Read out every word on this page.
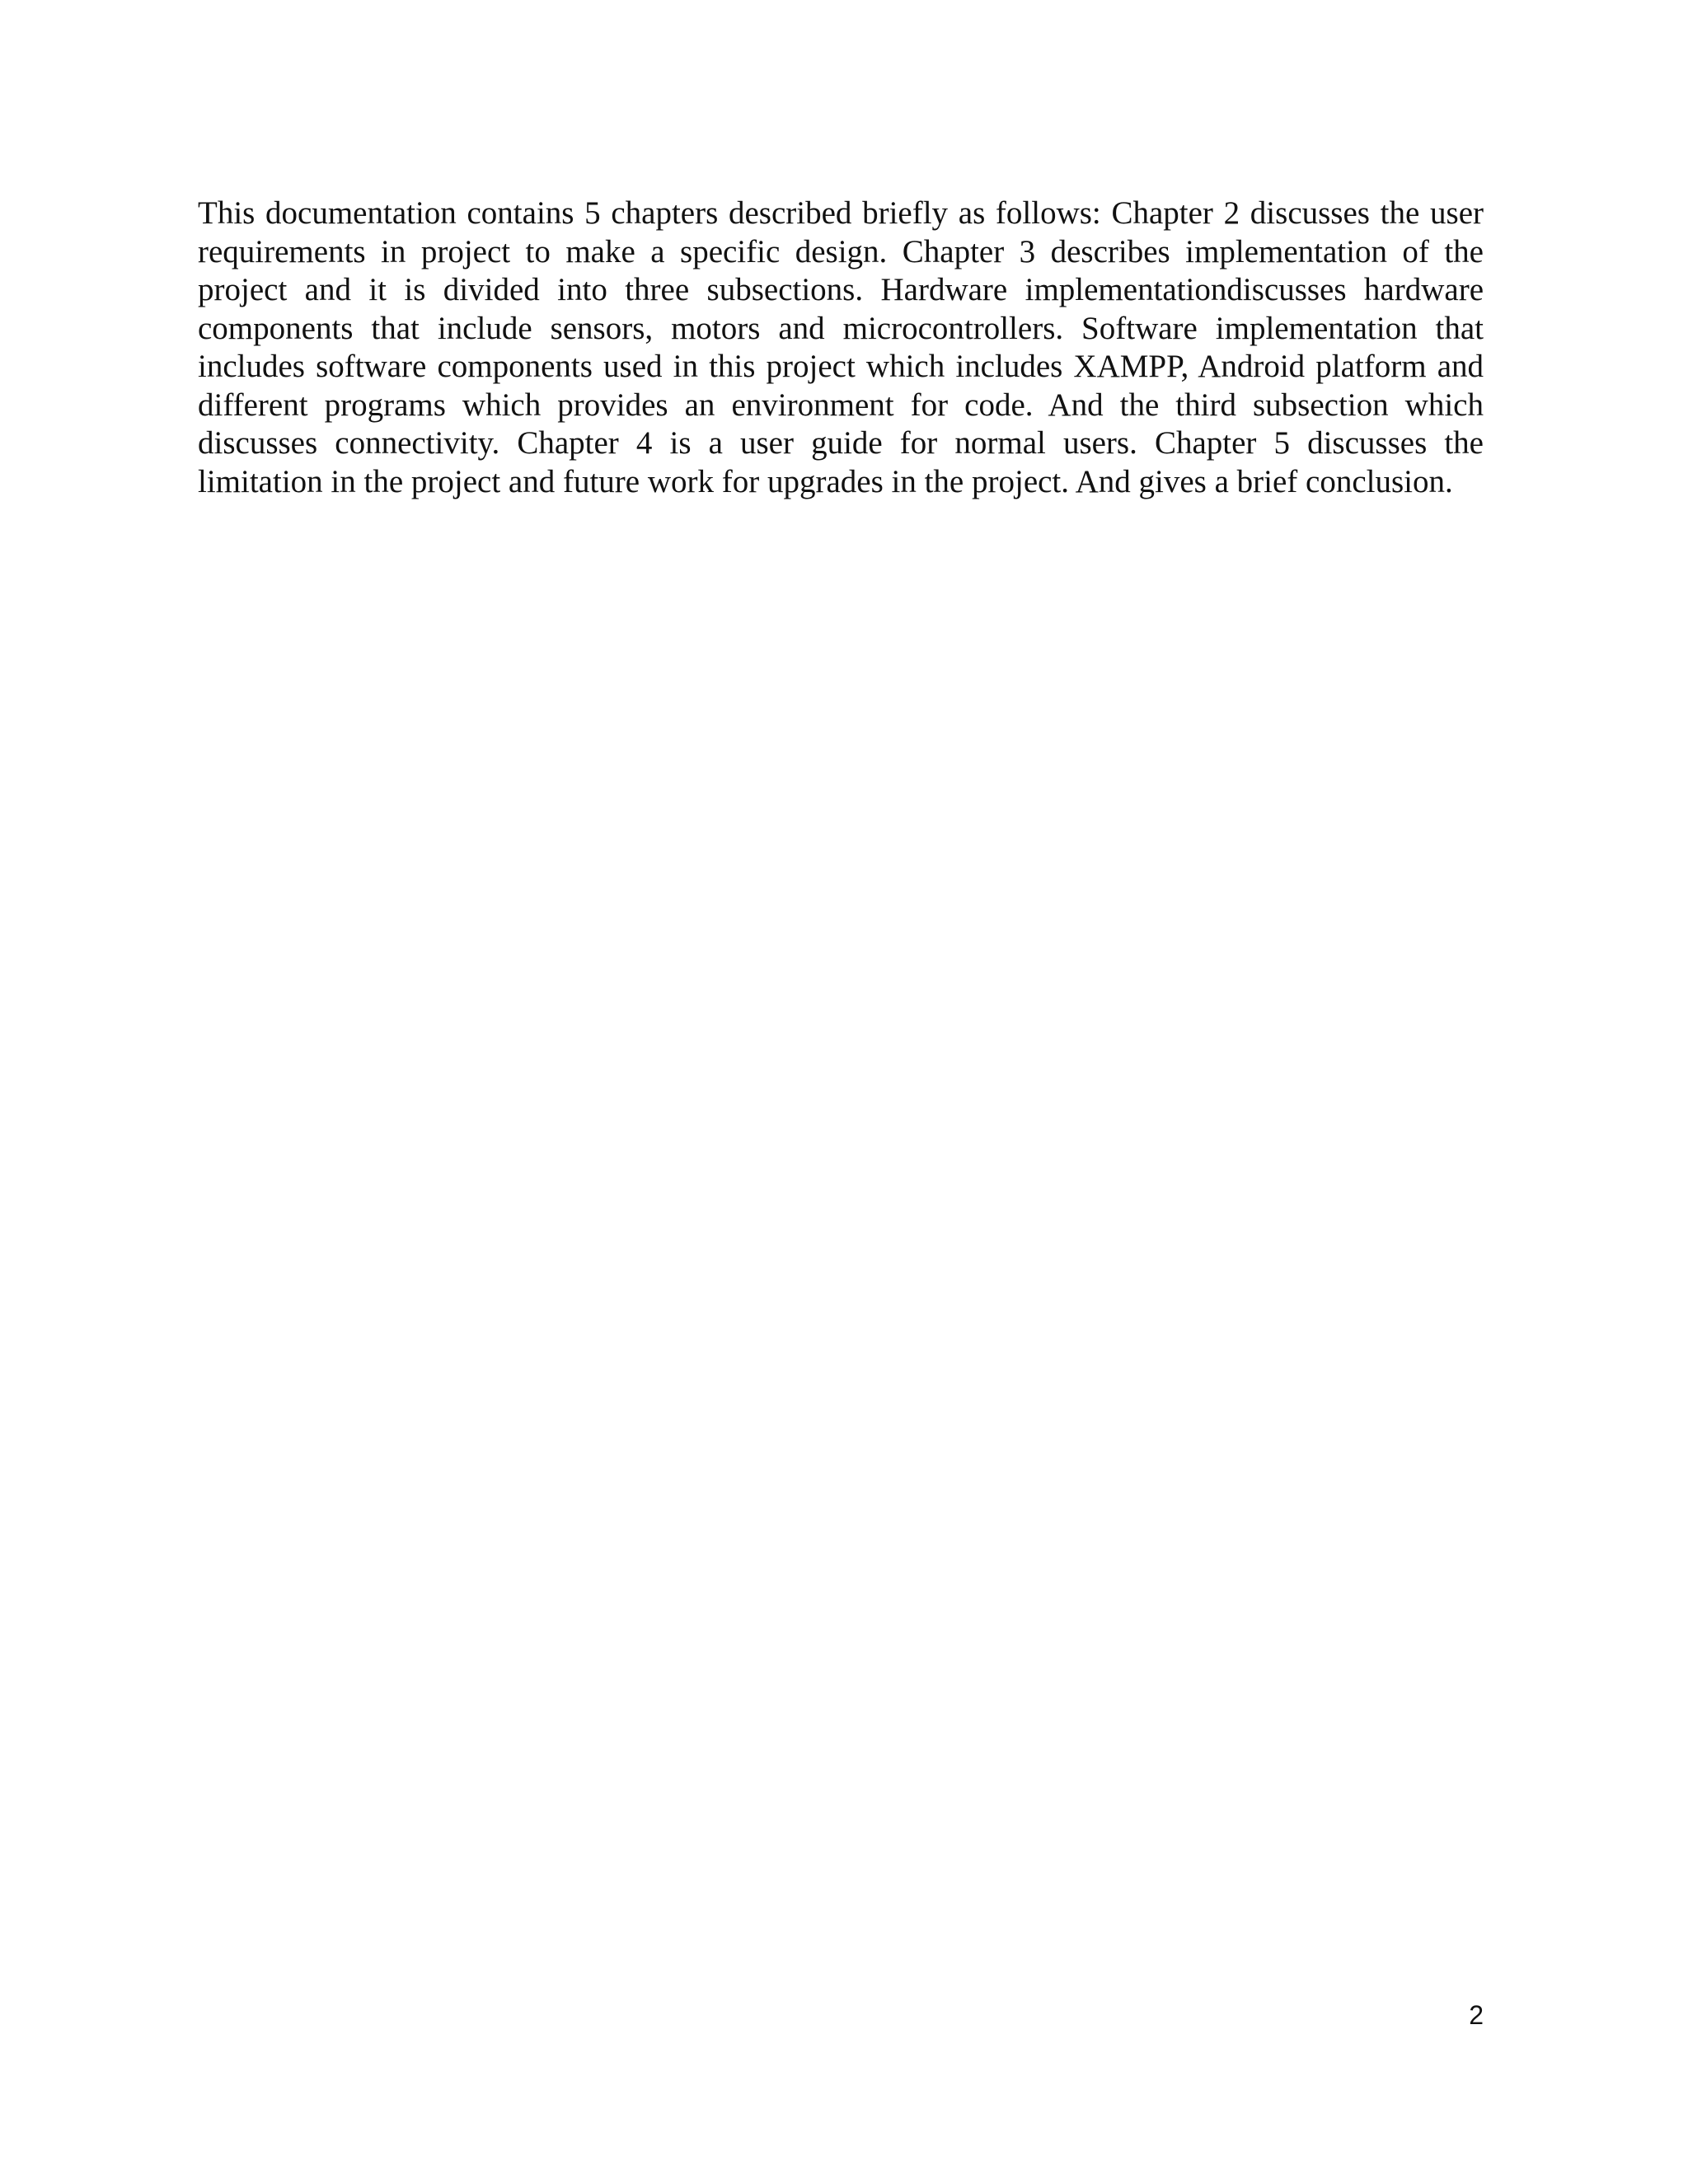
This documentation contains 5 chapters described briefly as follows: Chapter 2 discusses the user requirements in project to make a specific design. Chapter 3 describes implementation of the project and it is divided into three subsections. Hardware implementationdiscusses hardware components that include sensors, motors and microcontrollers. Software implementation that includes software components used in this project which includes XAMPP, Android platform and different programs which provides an environment for code. And the third subsection which discusses connectivity. Chapter 4 is a user guide for normal users. Chapter 5 discusses the limitation in the project and future work for upgrades in the project. And gives a brief conclusion.

2
